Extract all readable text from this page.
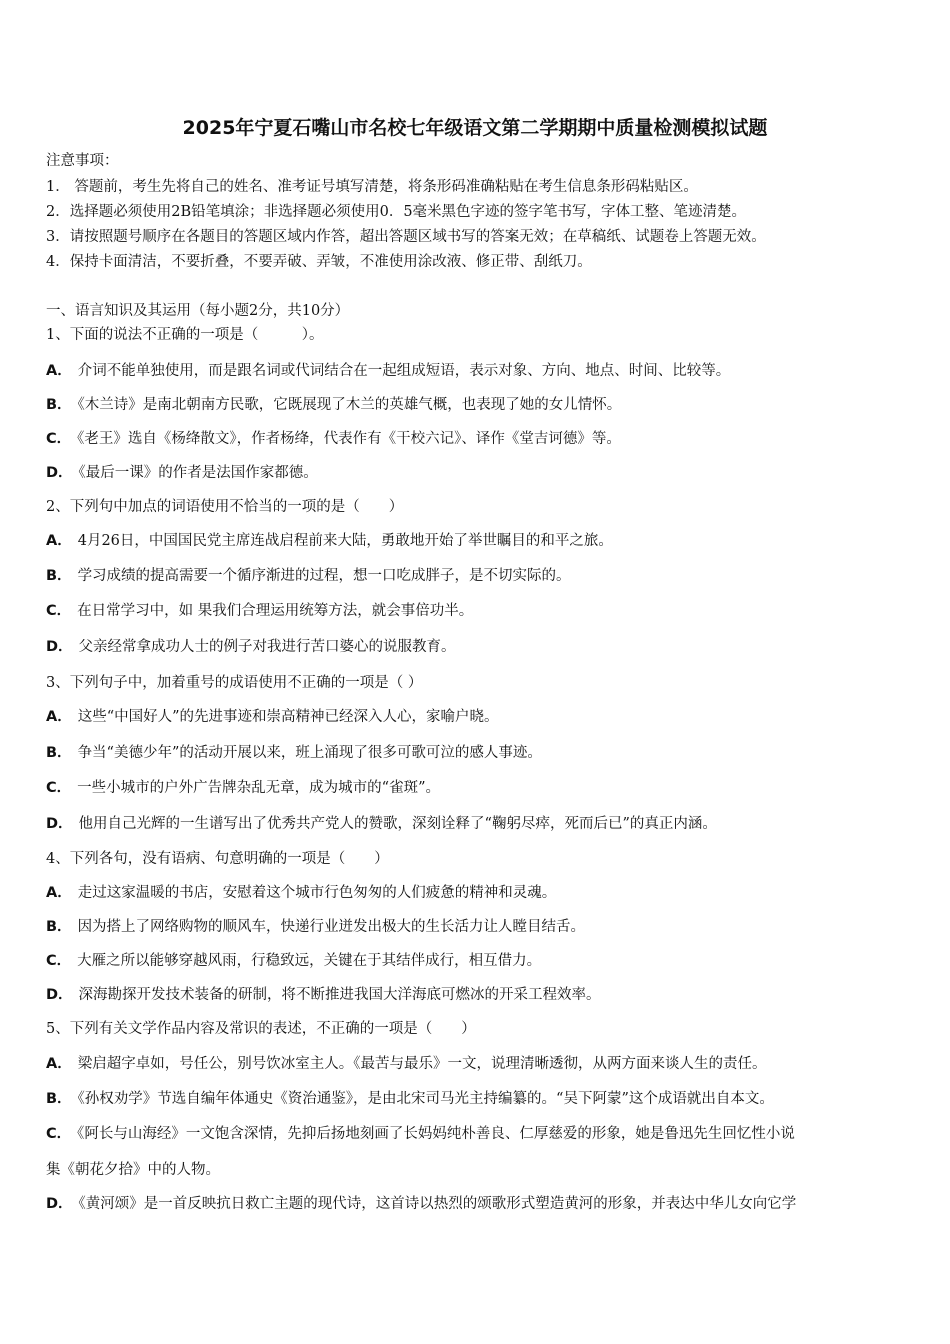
2025年宁夏石嘴山市名校七年级语文第二学期期中质量检测模拟试题
注意事项：
1． 答题前，考生先将自己的姓名、准考证号填写清楚，将条形码准确粘贴在考生信息条形码粘贴区。
2．选择题必须使用2B铅笔填涂；非选择题必须使用0．5毫米黑色字迹的签字笔书写，字体工整、笔迹清楚。
3．请按照题号顺序在各题目的答题区域内作答，超出答题区域书写的答案无效；在草稿纸、试题卷上答题无效。
4．保持卡面清洁，不要折叠，不要弄破、弄皱，不准使用涂改液、修正带、刮纸刀。
一、语言知识及其运用（每小题2分，共10分）
1、下面的说法不正确的一项是（　　　）。
A． 介词不能单独使用，而是跟名词或代词结合在一起组成短语，表示对象、方向、地点、时间、比较等。
B． 《木兰诗》是南北朝南方民歌，它既展现了木兰的英雄气概，也表现了她的女儿情怀。
C． 《老王》选自《杨绛散文》，作者杨绛，代表作有《干校六记》、译作《堂吉诃德》等。
D． 《最后一课》的作者是法国作家都德。
2、下列句中加点的词语使用不恰当的一项的是（　　）
A． 4月26日，中国国民党主席连战启程前来大陆，勇敢地开始了举世瞩目的和平之旅。
B． 学习成绩的提高需要一个循序渐进的过程，想一口吃成胖子，是不切实际的。
C． 在日常学习中，如 果我们合理运用统筹方法，就会事倍功半。
D． 父亲经常拿成功人士的例子对我进行苦口婆心的说服教育。
3、下列句子中，加着重号的成语使用不正确的一项是（ ）
A． 这些“中国好人”的先进事迹和崇高精神已经深入人心，家喻户晓。
B． 争当“美德少年”的活动开展以来，班上涌现了很多可歌可泣的感人事迹。
C． 一些小城市的户外广告牌杂乱无章，成为城市的“雀斑”。
D． 他用自己光辉的一生谱写出了优秀共产党人的赞歌，深刻诠释了“鞠躬尽瘁，死而后已”的真正内涵。
4、下列各句，没有语病、句意明确的一项是（　　）
A． 走过这家温暖的书店，安慰着这个城市行色匆匆的人们疲惫的精神和灵魂。
B． 因为搭上了网络购物的顺风车，快递行业迸发出极大的生长活力让人瞠目结舌。
C． 大雁之所以能够穿越风雨，行稳致远，关键在于其结伴成行，相互借力。
D． 深海勘探开发技术装备的研制，将不断推进我国大洋海底可燃冰的开采工程效率。
5、下列有关文学作品内容及常识的表述，不正确的一项是（　　）
A． 梁启超字卓如，号任公，别号饮冰室主人。《最苦与最乐》一文，说理清晰透彻，从两方面来谈人生的责任。
B． 《孙权劝学》节选自编年体通史《资治通鉴》，是由北宋司马光主持编纂的。“吴下阿蒙”这个成语就出自本文。
C． 《阿长与山海经》一文饱含深情，先抑后扬地刻画了长妈妈纯朴善良、仁厚慈爱的形象，她是鲁迅先生回忆性小说
集《朝花夕拾》中的人物。
D． 《黄河颂》是一首反映抗日救亡主题的现代诗，这首诗以热烈的颂歌形式塑造黄河的形象，并表达中华儿女向它学
